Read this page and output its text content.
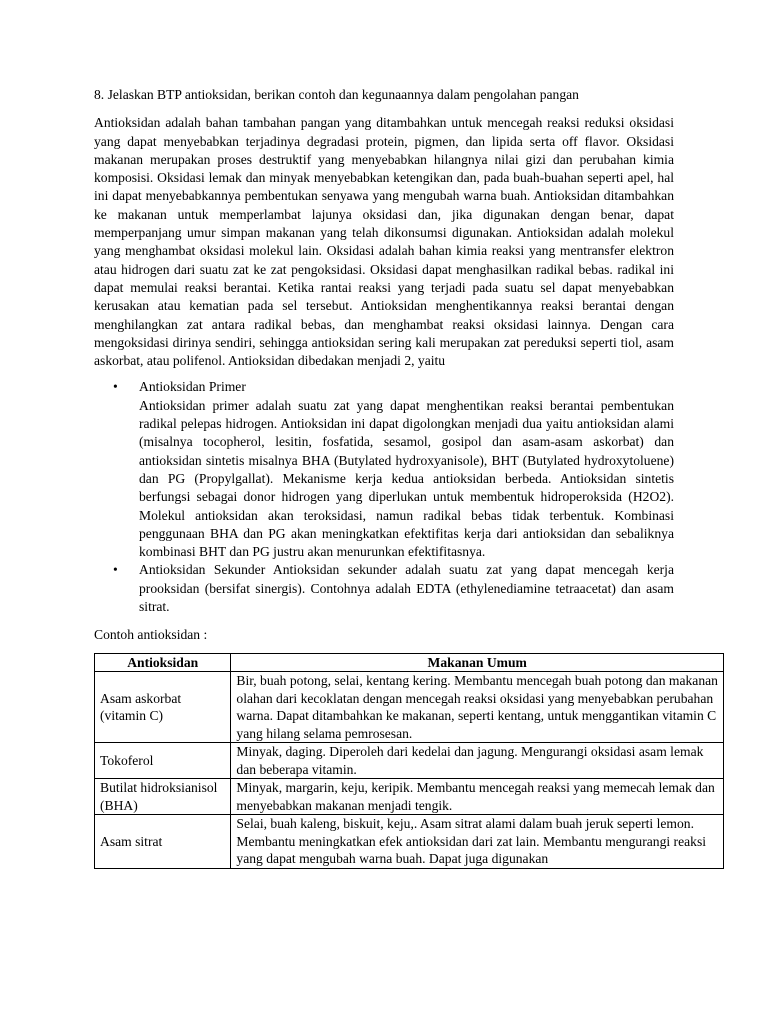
8. Jelaskan BTP antioksidan, berikan contoh dan kegunaannya dalam pengolahan pangan

Antioksidan adalah bahan tambahan pangan yang ditambahkan untuk mencegah reaksi reduksi oksidasi yang dapat menyebabkan terjadinya degradasi protein, pigmen, dan lipida serta off flavor. Oksidasi makanan merupakan proses destruktif yang menyebabkan hilangnya nilai gizi dan perubahan kimia komposisi. Oksidasi lemak dan minyak menyebabkan ketengikan dan, pada buah-buahan seperti apel, hal ini dapat menyebabkannya pembentukan senyawa yang mengubah warna buah. Antioksidan ditambahkan ke makanan untuk memperlambat lajunya oksidasi dan, jika digunakan dengan benar, dapat memperpanjang umur simpan makanan yang telah dikonsumsi digunakan. Antioksidan adalah molekul yang menghambat oksidasi molekul lain. Oksidasi adalah bahan kimia reaksi yang mentransfer elektron atau hidrogen dari suatu zat ke zat pengoksidasi. Oksidasi dapat menghasilkan radikal bebas. radikal ini dapat memulai reaksi berantai. Ketika rantai reaksi yang terjadi pada suatu sel dapat menyebabkan kerusakan atau kematian pada sel tersebut. Antioksidan menghentikannya reaksi berantai dengan menghilangkan zat antara radikal bebas, dan menghambat reaksi oksidasi lainnya. Dengan cara mengoksidasi dirinya sendiri, sehingga antioksidan sering kali merupakan zat pereduksi seperti tiol, asam askorbat, atau polifenol. Antioksidan dibedakan menjadi 2, yaitu

• Antioksidan Primer

Antioksidan primer adalah suatu zat yang dapat menghentikan reaksi berantai pembentukan radikal pelepas hidrogen. Antioksidan ini dapat digolongkan menjadi dua yaitu antioksidan alami (misalnya tocopherol, lesitin, fosfatida, sesamol, gosipol dan asam-asam askorbat) dan antioksidan sintetis misalnya BHA (Butylated hydroxyanisole), BHT (Butylated hydroxytoluene) dan PG (Propylgallat). Mekanisme kerja kedua antioksidan berbeda. Antioksidan sintetis berfungsi sebagai donor hidrogen yang diperlukan untuk membentuk hidroperoksida (H2O2). Molekul antioksidan akan teroksidasi, namun radikal bebas tidak terbentuk. Kombinasi penggunaan BHA dan PG akan meningkatkan efektifitas kerja dari antioksidan dan sebaliknya kombinasi BHT dan PG justru akan menurunkan efektifitasnya.

• Antioksidan Sekunder Antioksidan sekunder adalah suatu zat yang dapat mencegah kerja prooksidan (bersifat sinergis). Contohnya adalah EDTA (ethylenediamine tetraacetat) dan asam sitrat.

Contoh antioksidan :

Antioksidan	Makanan Umum
Asam askorbat (vitamin C)	Bir, buah potong, selai, kentang kering. Membantu mencegah buah potong dan makanan olahan dari kecoklatan dengan mencegah reaksi oksidasi yang menyebabkan perubahan warna. Dapat ditambahkan ke makanan, seperti kentang, untuk menggantikan vitamin C yang hilang selama pemrosesan.
Tokoferol	Minyak, daging. Diperoleh dari kedelai dan jagung. Mengurangi oksidasi asam lemak dan beberapa vitamin.
Butilat hidroksianisol (BHA)	Minyak, margarin, keju, keripik. Membantu mencegah reaksi yang memecah lemak dan menyebabkan makanan menjadi tengik.
Asam sitrat	Selai, buah kaleng, biskuit, keju,. Asam sitrat alami dalam buah jeruk seperti lemon. Membantu meningkatkan efek antioksidan dari zat lain. Membantu mengurangi reaksi yang dapat mengubah warna buah. Dapat juga digunakan
